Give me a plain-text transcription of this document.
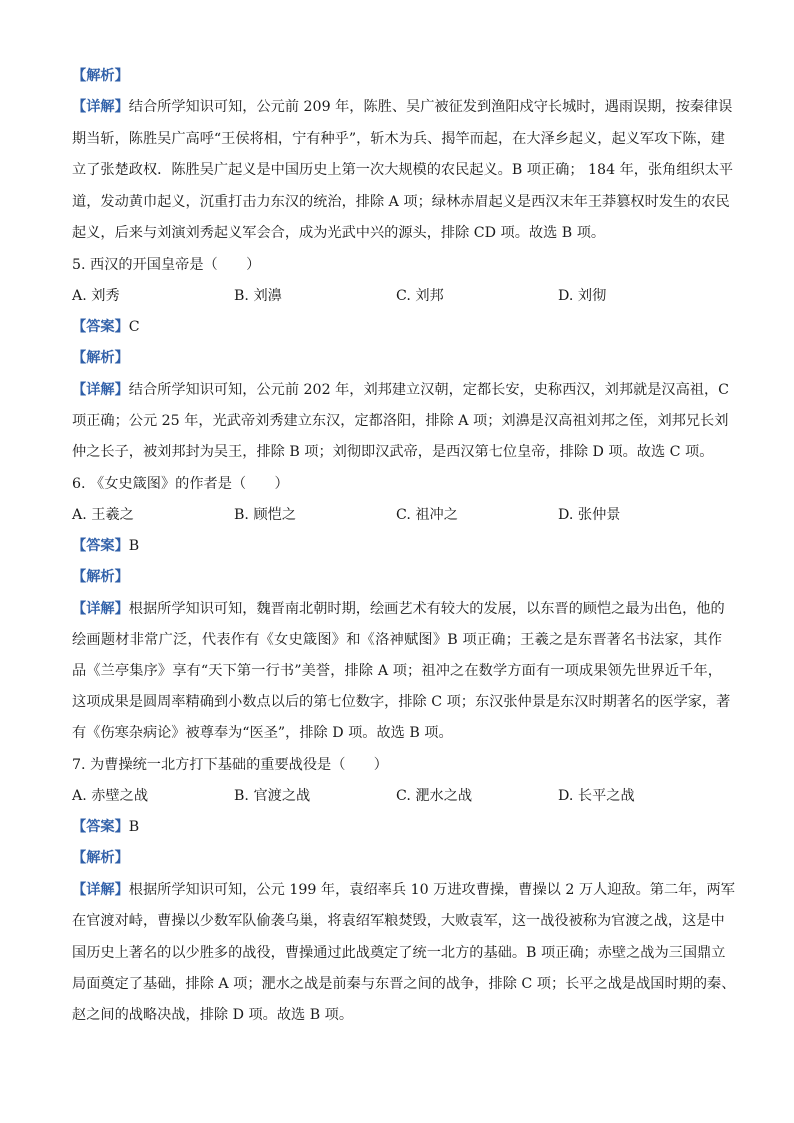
【解析】
【详解】结合所学知识可知，公元前 209 年，陈胜、吴广被征发到渔阳戍守长城时，遇雨误期，按秦律误
期当斩，陈胜吴广高呼“王侯将相，宁有种乎”，斩木为兵、揭竿而起，在大泽乡起义，起义军攻下陈，建
立了张楚政权．陈胜吴广起义是中国历史上第一次大规模的农民起义。B 项正确； 184 年，张角组织太平
道，发动黄巾起义，沉重打击力东汉的统治，排除 A 项；绿林赤眉起义是西汉末年王莽篡权时发生的农民
起义，后来与刘演刘秀起义军会合，成为光武中兴的源头，排除 CD 项。故选 B 项。
5. 西汉的开国皇帝是（　　）
A. 刘秀	B. 刘濞	C. 刘邦	D. 刘彻
【答案】C
【解析】
【详解】结合所学知识可知，公元前 202 年，刘邦建立汉朝，定都长安，史称西汉，刘邦就是汉高祖，C
项正确；公元 25 年，光武帝刘秀建立东汉，定都洛阳，排除 A 项；刘濞是汉高祖刘邦之侄，刘邦兄长刘
仲之长子，被刘邦封为吴王，排除 B 项；刘彻即汉武帝，是西汉第七位皇帝，排除 D 项。故选 C 项。
6. 《女史箴图》的作者是（　　）
A. 王羲之	B. 顾恺之	C. 祖冲之	D. 张仲景
【答案】B
【解析】
【详解】根据所学知识可知，魏晋南北朝时期，绘画艺术有较大的发展，以东晋的顾恺之最为出色，他的
绘画题材非常广泛，代表作有《女史箴图》和《洛神赋图》B 项正确；王羲之是东晋著名书法家，其作
品《兰亭集序》享有“天下第一行书”美誉，排除 A 项；祖冲之在数学方面有一项成果领先世界近千年，
这项成果是圆周率精确到小数点以后的第七位数字，排除 C 项；东汉张仲景是东汉时期著名的医学家，著
有《伤寒杂病论》被尊奉为“医圣”，排除 D 项。故选 B 项。
7. 为曹操统一北方打下基础的重要战役是（　　）
A. 赤壁之战	B. 官渡之战	C. 淝水之战	D. 长平之战
【答案】B
【解析】
【详解】根据所学知识可知，公元 199 年，袁绍率兵 10 万进攻曹操，曹操以 2 万人迎敌。第二年，两军
在官渡对峙，曹操以少数军队偷袭乌巢，将袁绍军粮焚毁，大败袁军，这一战役被称为官渡之战，这是中
国历史上著名的以少胜多的战役，曹操通过此战奠定了统一北方的基础。B 项正确；赤壁之战为三国鼎立
局面奠定了基础，排除 A 项；淝水之战是前秦与东晋之间的战争，排除 C 项；长平之战是战国时期的秦、
赵之间的战略决战，排除 D 项。故选 B 项。
